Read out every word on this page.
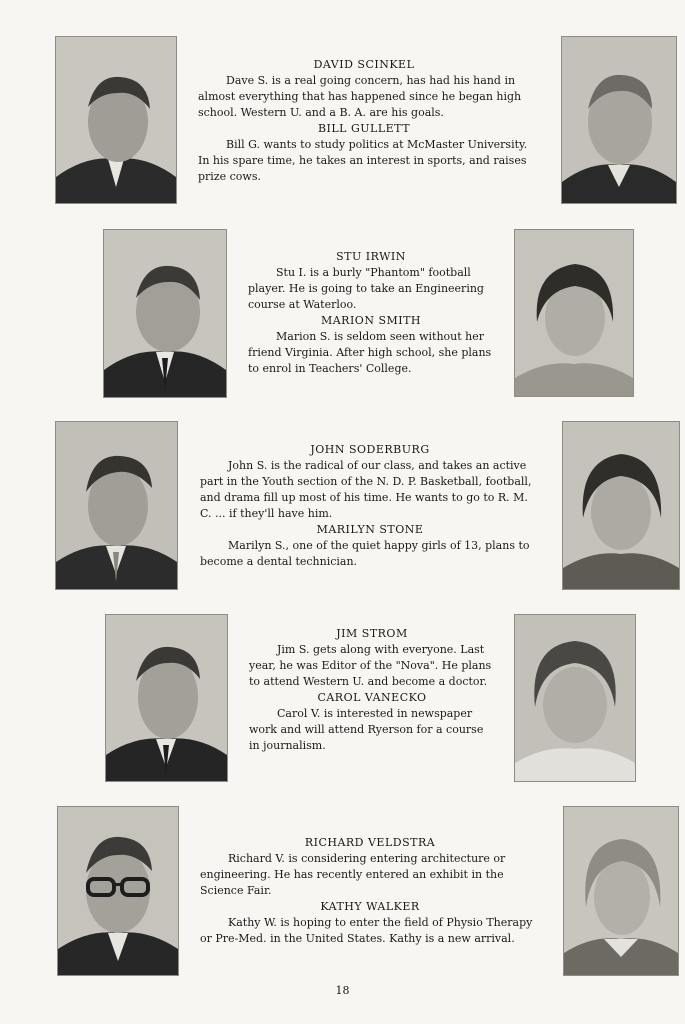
DAVID SCINKEL

Dave S. is a real going concern, has had his hand in almost everything that has happened since he began high school. Western U. and a B. A. are his goals.

BILL GULLETT

Bill G. wants to study politics at McMaster University. In his spare time, he takes an interest in sports, and raises prize cows.

STU IRWIN

Stu I. is a burly "Phantom" football player. He is going to take an Engineering course at Waterloo.

MARION SMITH

Marion S. is seldom seen without her friend Virginia. After high school, she plans to enrol in Teachers' College.

JOHN SODERBURG

John S. is the radical of our class, and takes an active part in the Youth section of the N. D. P. Basketball, football, and drama fill up most of his time. He wants to go to R. M. C. ... if they'll have him.

MARILYN STONE

Marilyn S., one of the quiet happy girls of 13, plans to become a dental technician.

JIM STROM

Jim S. gets along with everyone. Last year, he was Editor of the "Nova". He plans to attend Western U. and become a doctor.

CAROL VANECKO

Carol V. is interested in newspaper work and will attend Ryerson for a course in journalism.

RICHARD VELDSTRA

Richard V. is considering entering architecture or engineering. He has recently entered an exhibit in the Science Fair.

KATHY WALKER

Kathy W. is hoping to enter the field of Physio Therapy or Pre-Med. in the United States. Kathy is a new arrival.

18
